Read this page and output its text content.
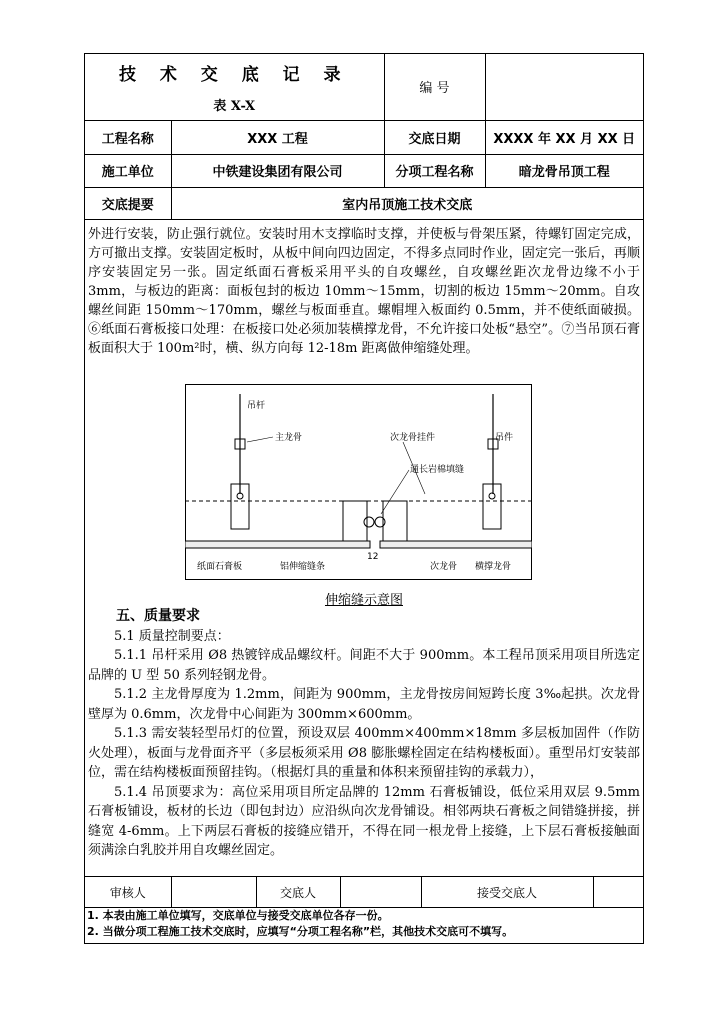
技 术 交 底 记 录
表 X-X		编 号	
工程名称	XXX 工程	交底日期	XXXX 年 XX 月 XX 日
施工单位	中铁建设集团有限公司	分项工程名称	暗龙骨吊顶工程
交底提要	室内吊顶施工技术交底		

外进行安装，防止强行就位。安装时用木支撑临时支撑，并使板与骨架压紧，待螺钉固定完成，方可撤出支撑。安装固定板时，从板中间向四边固定，不得多点同时作业，固定完一张后，再顺序安装固定另一张。固定纸面石膏板采用平头的自攻螺丝，自攻螺丝距次龙骨边缘不小于 3mm，与板边的距离：面板包封的板边 10mm～15mm，切割的板边 15mm～20mm。自攻螺丝间距 150mm～170mm，螺丝与板面垂直。螺帽埋入板面约 0.5mm，并不使纸面破损。⑥纸面石膏板接口处理：在板接口处必须加装横撑龙骨，不允许接口处板“悬空”。⑦当吊顶石膏板面积大于 100m²时，横、纵方向每 12-18m 距离做伸缩缝处理。

吊杆
主龙骨	次龙骨挂件	吊件
通长岩棉填缝
纸面石膏板	铝伸缩缝条
12
次龙骨 横撑龙骨
伸缩缝示意图

五、质量要求

5.1 质量控制要点：

5.1.1 吊杆采用 Ø8 热镀锌成品螺纹杆。间距不大于 900mm。本工程吊顶采用项目所选定品牌的 U 型 50 系列轻钢龙骨。

5.1.2 主龙骨厚度为 1.2mm，间距为 900mm，主龙骨按房间短跨长度 3‰起拱。次龙骨壁厚为 0.6mm，次龙骨中心间距为 300mm×600mm。

5.1.3 需安装轻型吊灯的位置，预设双层 400mm×400mm×18mm 多层板加固件（作防火处理），板面与龙骨面齐平（多层板须采用 Ø8 膨胀螺栓固定在结构楼板面）。重型吊灯安装部位，需在结构楼板面预留挂钩。（根据灯具的重量和体积来预留挂钩的承载力），

5.1.4 吊顶要求为：高位采用项目所定品牌的 12mm 石膏板铺设，低位采用双层 9.5mm 石膏板铺设，板材的长边（即包封边）应沿纵向次龙骨铺设。相邻两块石膏板之间错缝拼接，拼缝宽 4-6mm。上下两层石膏板的接缝应错开，不得在同一根龙骨上接缝，上下层石膏板接触面须满涂白乳胶并用自攻螺丝固定。

审核人		交底人		接受交底人	
1. 本表由施工单位填写，交底单位与接受交底单位各存一份。
2. 当做分项工程施工技术交底时，应填写“分项工程名称”栏，其他技术交底可不填写。
